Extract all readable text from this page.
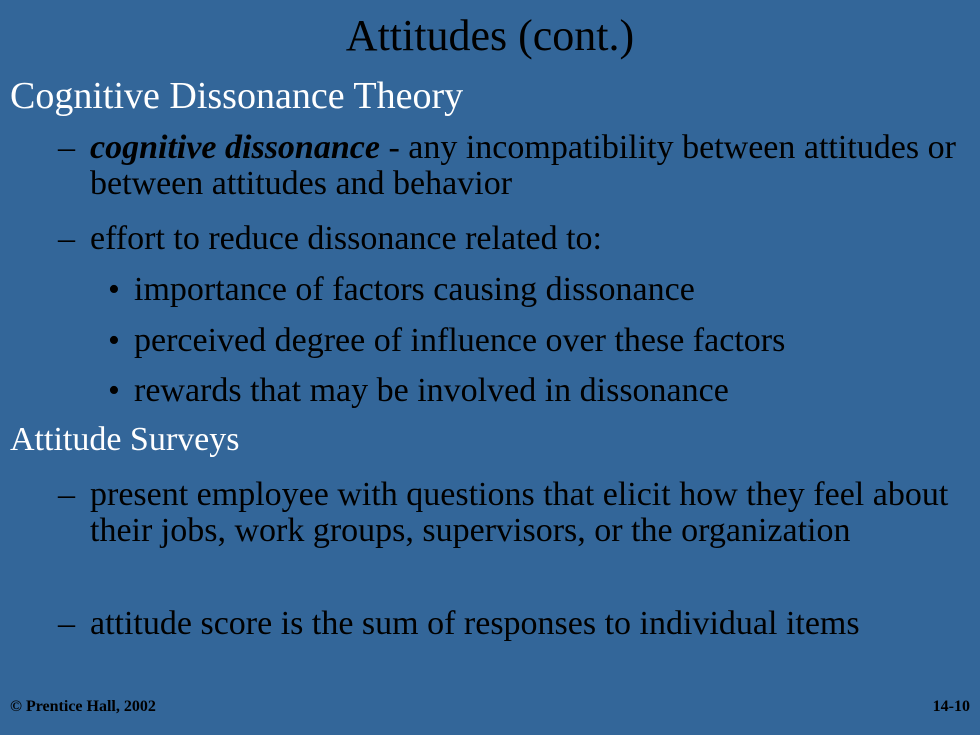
Attitudes (cont.)
Cognitive Dissonance Theory
– cognitive dissonance - any incompatibility between attitudes or between attitudes and behavior
– effort to reduce dissonance related to:
• importance of factors causing dissonance
• perceived degree of influence over these factors
• rewards that may be involved in dissonance
Attitude Surveys
– present employee with questions that elicit how they feel about their jobs, work groups, supervisors, or the organization
– attitude score is the sum of responses to individual items
© Prentice Hall, 2002	14-10
